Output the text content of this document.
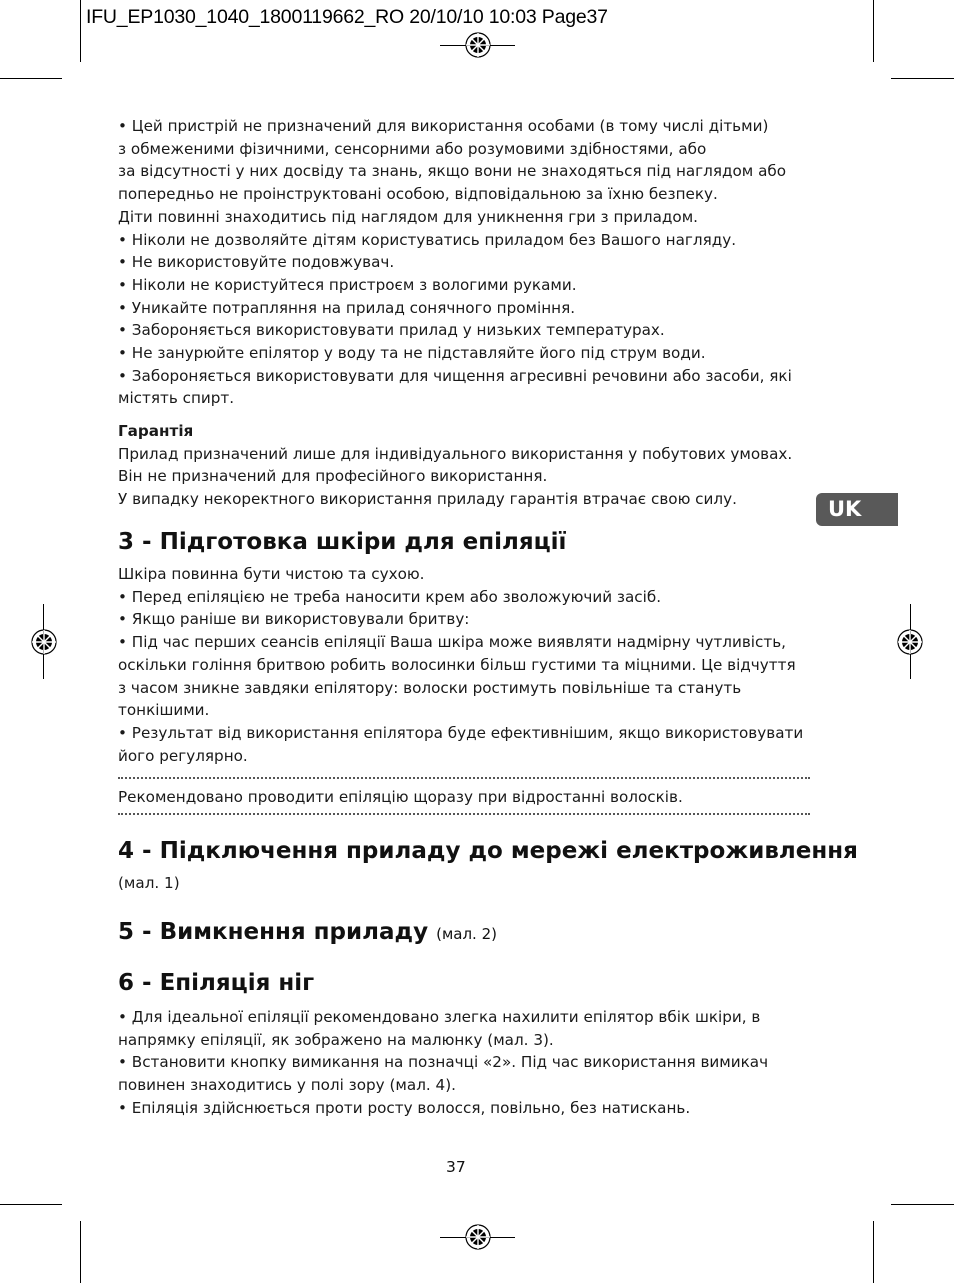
IFU_EP1030_1040_1800119662_RO 20/10/10 10:03 Page37

• Цей пристрій не призначений для використання особами (в тому числі дітьми)

з обмеженими фізичними, сенсорними або розумовими здібностями, або

за відсутності у них досвіду та знань, якщо вони не знаходяться під наглядом або

попередньо не проінструктовані особою, відповідальною за їхню безпеку.

Діти повинні знаходитись під наглядом для уникнення гри з приладом.

• Ніколи не дозволяйте дітям користуватись приладом без Вашого нагляду.

• Не використовуйте подовжувач.

• Ніколи не користуйтеся пристроєм з вологими руками.

• Уникайте потрапляння на прилад сонячного проміння.

• Забороняється використовувати прилад у низьких температурах.

• Не занурюйте епілятор у воду та не підставляйте його під струм води.

• Забороняється використовувати для чищення агресивні речовини або засоби, які

містять спирт.

Гарантія

Прилад призначений лише для індивідуального використання у побутових умовах.

Він не призначений для професійного використання.

У випадку некоректного використання приладу гарантія втрачає свою силу.	UK
3 - Підготовка шкіри для епіляції

Шкіра повинна бути чистою та сухою.

• Перед епіляцією не треба наносити крем або зволожуючий засіб.

• Якщо раніше ви використовували бритву:

• Під час перших сеансів епіляції Ваша шкіра може виявляти надмірну чутливість,

оскільки гоління бритвою робить волосинки більш густими та міцними. Це відчуття

з часом зникне завдяки епілятору: волоски ростимуть повільніше та стануть

тонкішими.

• Результат від використання епілятора буде ефективнішим, якщо використовувати

його регулярно.

Рекомендовано проводити епіляцію щоразу при відростанні волосків.

4 - Підключення приладу до мережі електроживлення

(мал. 1)

5 - Вимкнення приладу (мал. 2)
6 - Епіляція ніг

• Для ідеальної епіляції рекомендовано злегка нахилити епілятор вбік шкіри, в

напрямку епіляції, як зображено на малюнку (мал. 3).

• Встановити кнопку вимикання на позначці «2». Під час використання вимикач

повинен знаходитись у полі зору (мал. 4).

• Епіляція здійснюється проти росту волосся, повільно, без натискань.

37
